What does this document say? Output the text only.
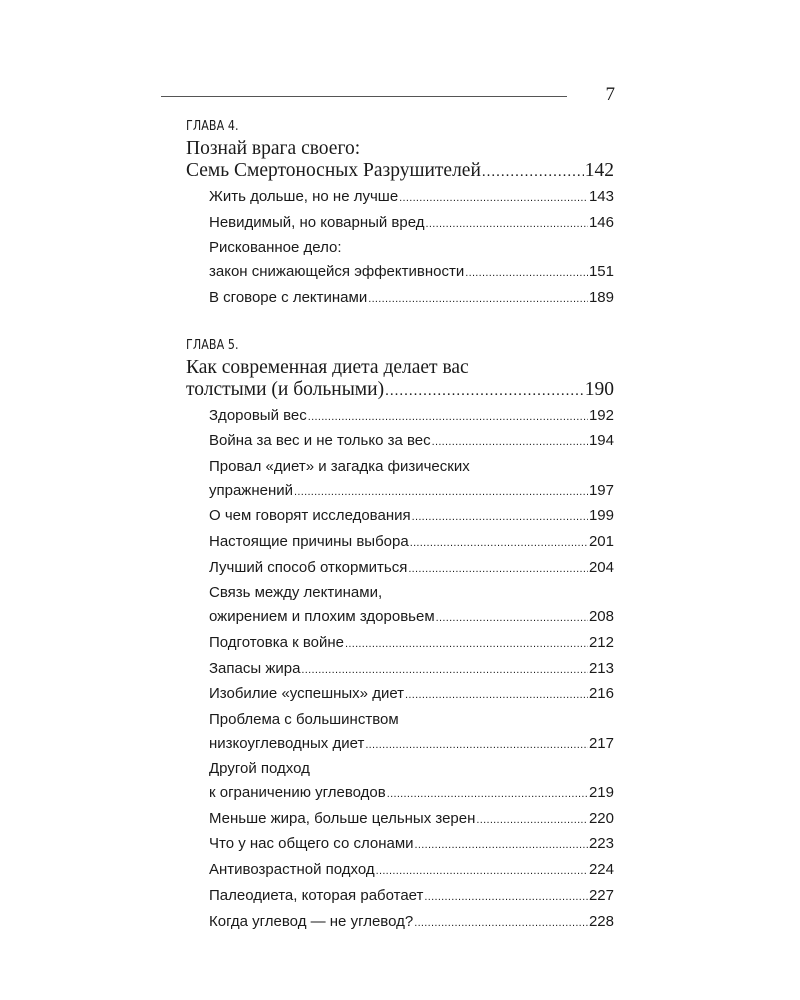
7
ГЛАВА 4.
Познай врага своего:
Семь Смертоносных Разрушителей .....	142
Жить дольше, но не лучше .....	143
Невидимый, но коварный вред .....	146
Рискованное дело:
закон снижающейся эффективности .....	151
В сговоре с лектинами .....	189
ГЛАВА 5.
Как современная диета делает вас
толстыми (и больными) .....	190
Здоровый вес .....	192
Война за вес и не только за вес .....	194
Провал «диет» и загадка физических
упражнений .....	197
О чем говорят исследования .....	199
Настоящие причины выбора .....	201
Лучший способ откормиться .....	204
Связь между лектинами,
ожирением и плохим здоровьем .....	208
Подготовка к войне .....	212
Запасы жира .....	213
Изобилие «успешных» диет .....	216
Проблема с большинством
низкоуглеводных диет .....	217
Другой подход
к ограничению углеводов .....	219
Меньше жира, больше цельных зерен .....	220
Что у нас общего со слонами .....	223
Антивозрастной подход .....	224
Палеодиета, которая работает .....	227
Когда углевод — не углевод? .....	228
